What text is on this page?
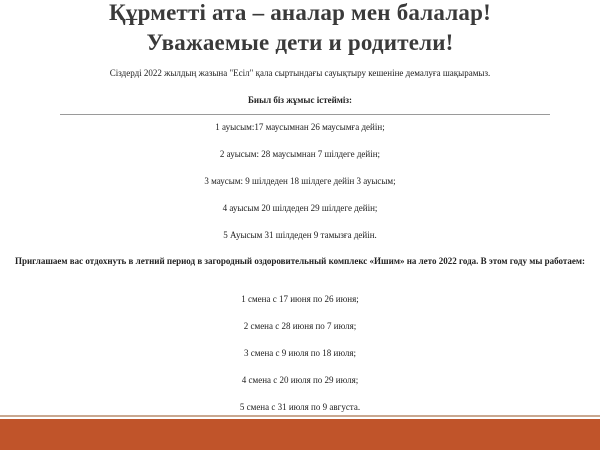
Құрметті ата – аналар мен балалар!
Уважаемые дети и родители!
Сіздерді 2022 жылдың жазына "Есіл" қала сыртындағы сауықтыру кешеніне демалуға шақырамыз.
Биыл біз жұмыс істейміз:
1 ауысым:17 маусымнан 26 маусымға дейін;
2 ауысым: 28 маусымнан 7 шілдеге дейін;
3 маусым: 9 шілдеден 18 шілдеге дейін 3 ауысым;
4 ауысым 20 шілдеден 29 шілдеге дейін;
5 Ауысым 31 шілдеден 9 тамызға дейін.
Приглашаем вас отдохнуть в летний период в загородный оздоровительный комплекс «Ишим» на лето 2022 года. В этом году мы работаем:
1 смена с 17 июня по 26 июня;
2 смена с 28 июня по 7 июля;
3 смена с 9 июля по 18 июля;
4 смена с 20 июля по 29 июля;
5 смена с 31 июля по 9 августа.
